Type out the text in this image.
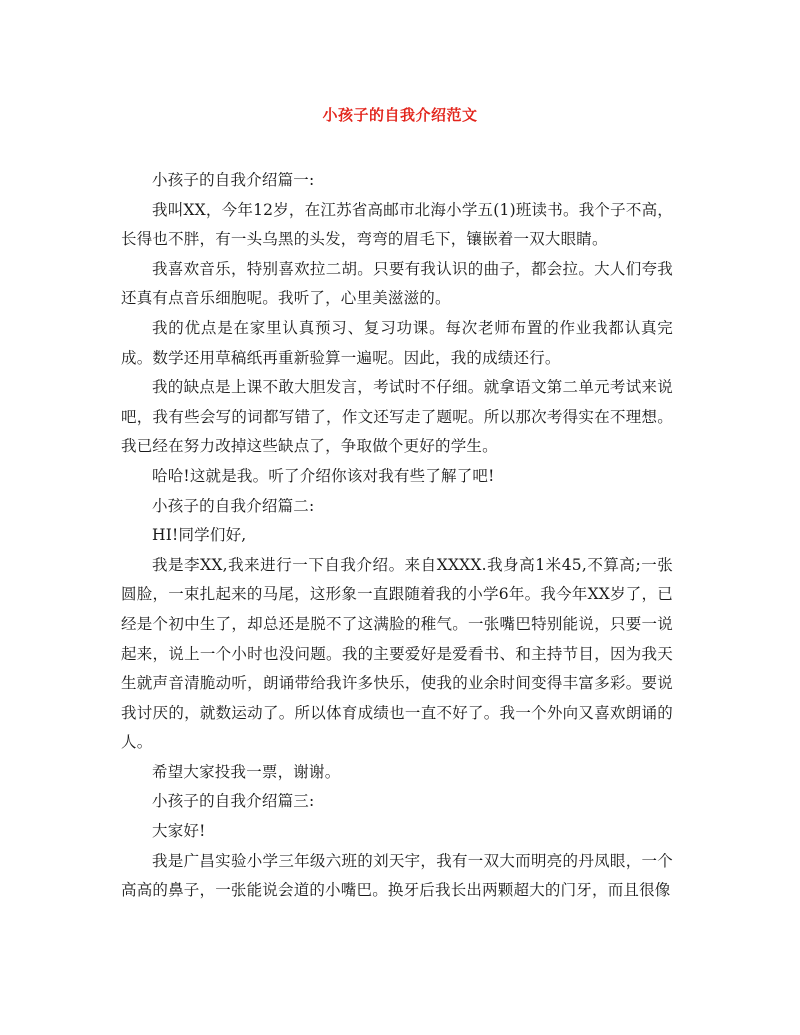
小孩子的自我介绍范文

小孩子的自我介绍篇一:

我叫XX，今年12岁，在江苏省高邮市北海小学五(1)班读书。我个子不高，长得也不胖，有一头乌黑的头发，弯弯的眉毛下，镶嵌着一双大眼睛。

我喜欢音乐，特别喜欢拉二胡。只要有我认识的曲子，都会拉。大人们夸我还真有点音乐细胞呢。我听了，心里美滋滋的。

我的优点是在家里认真预习、复习功课。每次老师布置的作业我都认真完成。数学还用草稿纸再重新验算一遍呢。因此，我的成绩还行。

我的缺点是上课不敢大胆发言，考试时不仔细。就拿语文第二单元考试来说吧，我有些会写的词都写错了，作文还写走了题呢。所以那次考得实在不理想。我已经在努力改掉这些缺点了，争取做个更好的学生。

哈哈!这就是我。听了介绍你该对我有些了解了吧!

小孩子的自我介绍篇二:

HI!同学们好,

我是李XX,我来进行一下自我介绍。来自XXXX.我身高1米45,不算高;一张圆脸，一束扎起来的马尾，这形象一直跟随着我的小学6年。我今年XX岁了，已经是个初中生了，却总还是脱不了这满脸的稚气。一张嘴巴特别能说，只要一说起来，说上一个小时也没问题。我的主要爱好是爱看书、和主持节目，因为我天生就声音清脆动听，朗诵带给我许多快乐，使我的业余时间变得丰富多彩。要说我讨厌的，就数运动了。所以体育成绩也一直不好了。我一个外向又喜欢朗诵的人。

希望大家投我一票，谢谢。

小孩子的自我介绍篇三:

大家好!

我是广昌实验小学三年级六班的刘天宇，我有一双大而明亮的丹凤眼，一个高高的鼻子，一张能说会道的小嘴巴。换牙后我长出两颗超大的门牙，而且很像
